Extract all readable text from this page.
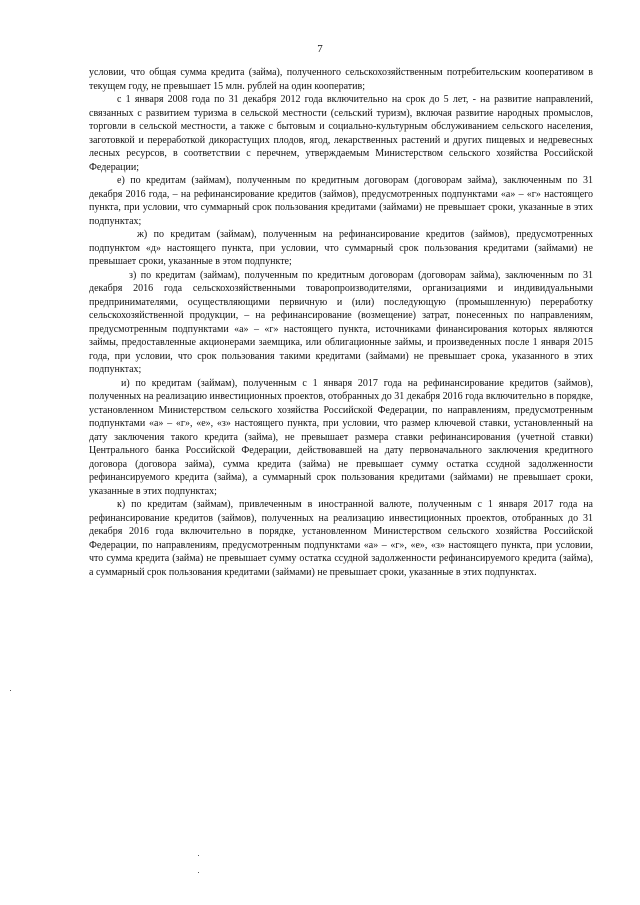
7

условии, что общая сумма кредита (займа), полученного сельскохозяйственным потребительским кооперативом в текущем году, не превышает 15 млн. рублей на один кооператив;

с 1 января 2008 года по 31 декабря 2012 года включительно на срок до 5 лет, - на развитие направлений, связанных с развитием туризма в сельской местности (сельский туризм), включая развитие народных промыслов, торговли в сельской местности, а также с бытовым и социально-культурным обслуживанием сельского населения, заготовкой и переработкой дикорастущих плодов, ягод, лекарственных растений и других пищевых и недревесных лесных ресурсов, в соответствии с перечнем, утверждаемым Министерством сельского хозяйства Российской Федерации;

е) по кредитам (займам), полученным по кредитным договорам (договорам займа), заключенным по 31 декабря 2016 года, – на рефинансирование кредитов (займов), предусмотренных подпунктами «а» – «г» настоящего пункта, при условии, что суммарный срок пользования кредитами (займами) не превышает сроки, указанные в этих подпунктах;

ж) по кредитам (займам), полученным на рефинансирование кредитов (займов), предусмотренных подпунктом «д» настоящего пункта, при условии, что суммарный срок пользования кредитами (займами) не превышает сроки, указанные в этом подпункте;

з) по кредитам (займам), полученным по кредитным договорам (договорам займа), заключенным по 31 декабря 2016 года сельскохозяйственными товаропроизводителями, организациями и индивидуальными предпринимателями, осуществляющими первичную и (или) последующую (промышленную) переработку сельскохозяйственной продукции, – на рефинансирование (возмещение) затрат, понесенных по направлениям, предусмотренным подпунктами «а» – «г» настоящего пункта, источниками финансирования которых являются займы, предоставленные акционерами заемщика, или облигационные займы, и произведенных после 1 января 2015 года, при условии, что срок пользования такими кредитами (займами) не превышает срока, указанного в этих подпунктах;

и) по кредитам (займам), полученным с 1 января 2017 года на рефинансирование кредитов (займов), полученных на реализацию инвестиционных проектов, отобранных до 31 декабря 2016 года включительно в порядке, установленном Министерством сельского хозяйства Российской Федерации, по направлениям, предусмотренным подпунктами «а» – «г», «е», «з» настоящего пункта, при условии, что размер ключевой ставки, установленный на дату заключения такого кредита (займа), не превышает размера ставки рефинансирования (учетной ставки) Центрального банка Российской Федерации, действовавшей на дату первоначального заключения кредитного договора (договора займа), сумма кредита (займа) не превышает сумму остатка ссудной задолженности рефинансируемого кредита (займа), а суммарный срок пользования кредитами (займами) не превышает сроки, указанные в этих подпунктах;

к) по кредитам (займам), привлеченным в иностранной валюте, полученным с 1 января 2017 года на рефинансирование кредитов (займов), полученных на реализацию инвестиционных проектов, отобранных до 31 декабря 2016 года включительно в порядке, установленном Министерством сельского хозяйства Российской Федерации, по направлениям, предусмотренным подпунктами «а» – «г», «е», «з» настоящего пункта, при условии, что сумма кредита (займа) не превышает сумму остатка ссудной задолженности рефинансируемого кредита (займа), а суммарный срок пользования кредитами (займами) не превышает сроки, указанные в этих подпунктах.
